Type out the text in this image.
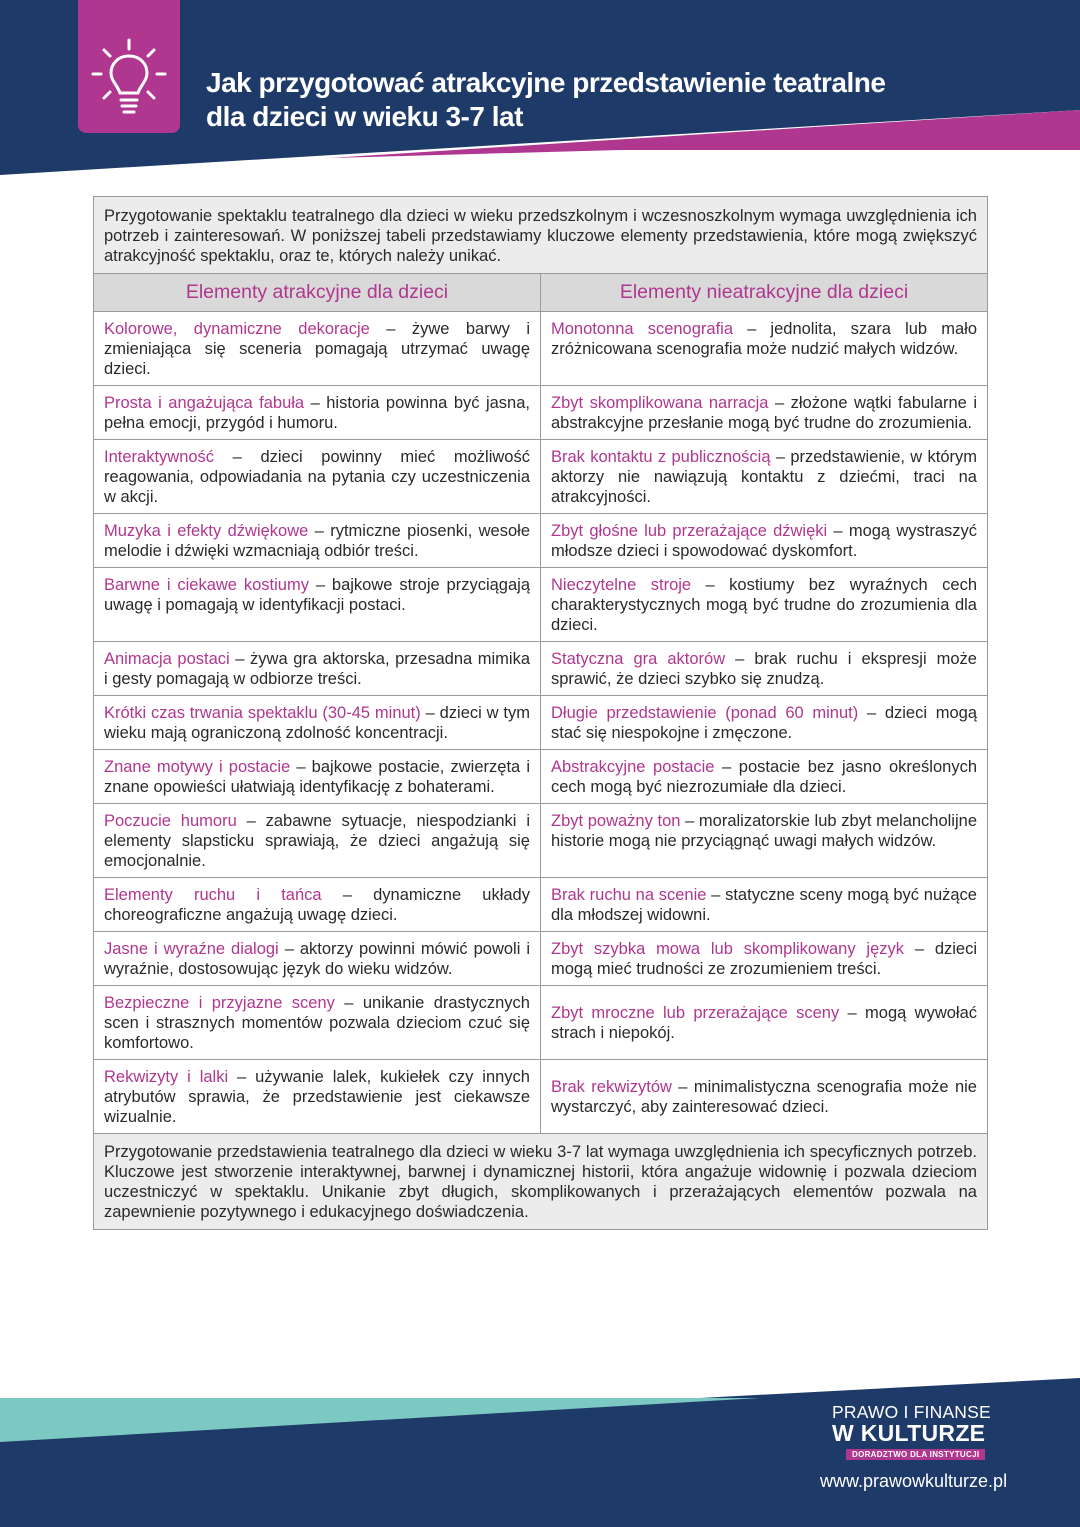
Jak przygotować atrakcyjne przedstawienie teatralne
dla dzieci w wieku 3-7 lat
Przygotowanie spektaklu teatralnego dla dzieci w wieku przedszkolnym i wczesnoszkolnym wymaga uwzględnienia ich potrzeb i zainteresowań. W poniższej tabeli przedstawiamy kluczowe elementy przedstawienia, które mogą zwiększyć atrakcyjność spektaklu, oraz te, których należy unikać.	
Elementy atrakcyjne dla dzieci	Elementy nieatrakcyjne dla dzieci
Kolorowe, dynamiczne dekoracje – żywe barwy i zmieniająca się sceneria pomagają utrzymać uwagę dzieci.	Monotonna scenografia – jednolita, szara lub mało zróżnicowana scenografia może nudzić małych widzów.
Prosta i angażująca fabuła – historia powinna być jasna, pełna emocji, przygód i humoru.	Zbyt skomplikowana narracja – złożone wątki fabularne i abstrakcyjne przesłanie mogą być trudne do zrozumienia.
Interaktywność – dzieci powinny mieć możliwość reagowania, odpowiadania na pytania czy uczestniczenia w akcji.	Brak kontaktu z publicznością – przedstawienie, w którym aktorzy nie nawiązują kontaktu z dziećmi, traci na atrakcyjności.
Muzyka i efekty dźwiękowe – rytmiczne piosenki, wesołe melodie i dźwięki wzmacniają odbiór treści.	Zbyt głośne lub przerażające dźwięki – mogą wystraszyć młodsze dzieci i spowodować dyskomfort.
Barwne i ciekawe kostiumy – bajkowe stroje przyciągają uwagę i pomagają w identyfikacji postaci.	Nieczytelne stroje – kostiumy bez wyraźnych cech charakterystycznych mogą być trudne do zrozumienia dla dzieci.
Animacja postaci – żywa gra aktorska, przesadna mimika i gesty pomagają w odbiorze treści.	Statyczna gra aktorów – brak ruchu i ekspresji może sprawić, że dzieci szybko się znudzą.
Krótki czas trwania spektaklu (30-45 minut) – dzieci w tym wieku mają ograniczoną zdolność koncentracji.	Długie przedstawienie (ponad 60 minut) – dzieci mogą stać się niespokojne i zmęczone.
Znane motywy i postacie – bajkowe postacie, zwierzęta i znane opowieści ułatwiają identyfikację z bohaterami.	Abstrakcyjne postacie – postacie bez jasno określonych cech mogą być niezrozumiałe dla dzieci.
Poczucie humoru – zabawne sytuacje, niespodzianki i elementy slapsticku sprawiają, że dzieci angażują się emocjonalnie.	Zbyt poważny ton – moralizatorskie lub zbyt melancholijne historie mogą nie przyciągnąć uwagi małych widzów.
Elementy ruchu i tańca – dynamiczne układy choreograficzne angażują uwagę dzieci.	Brak ruchu na scenie – statyczne sceny mogą być nużące dla młodszej widowni.
Jasne i wyraźne dialogi – aktorzy powinni mówić powoli i wyraźnie, dostosowując język do wieku widzów.	Zbyt szybka mowa lub skomplikowany język – dzieci mogą mieć trudności ze zrozumieniem treści.
Bezpieczne i przyjazne sceny – unikanie drastycznych scen i strasznych momentów pozwala dzieciom czuć się komfortowo.	Zbyt mroczne lub przerażające sceny – mogą wywołać strach i niepokój.
Rekwizyty i lalki – używanie lalek, kukiełek czy innych atrybutów sprawia, że przedstawienie jest ciekawsze wizualnie.	Brak rekwizytów – minimalistyczna scenografia może nie wystarczyć, aby zainteresować dzieci.
Przygotowanie przedstawienia teatralnego dla dzieci w wieku 3-7 lat wymaga uwzględnienia ich specyficznych potrzeb. Kluczowe jest stworzenie interaktywnej, barwnej i dynamicznej historii, która angażuje widownię i pozwala dzieciom uczestniczyć w spektaklu. Unikanie zbyt długich, skomplikowanych i przerażających elementów pozwala na zapewnienie pozytywnego i edukacyjnego doświadczenia.	
PRAWO I FINANSE
W KULTURZE
DORADZTWO DLA INSTYTUCJI
www.prawowkulturze.pl
